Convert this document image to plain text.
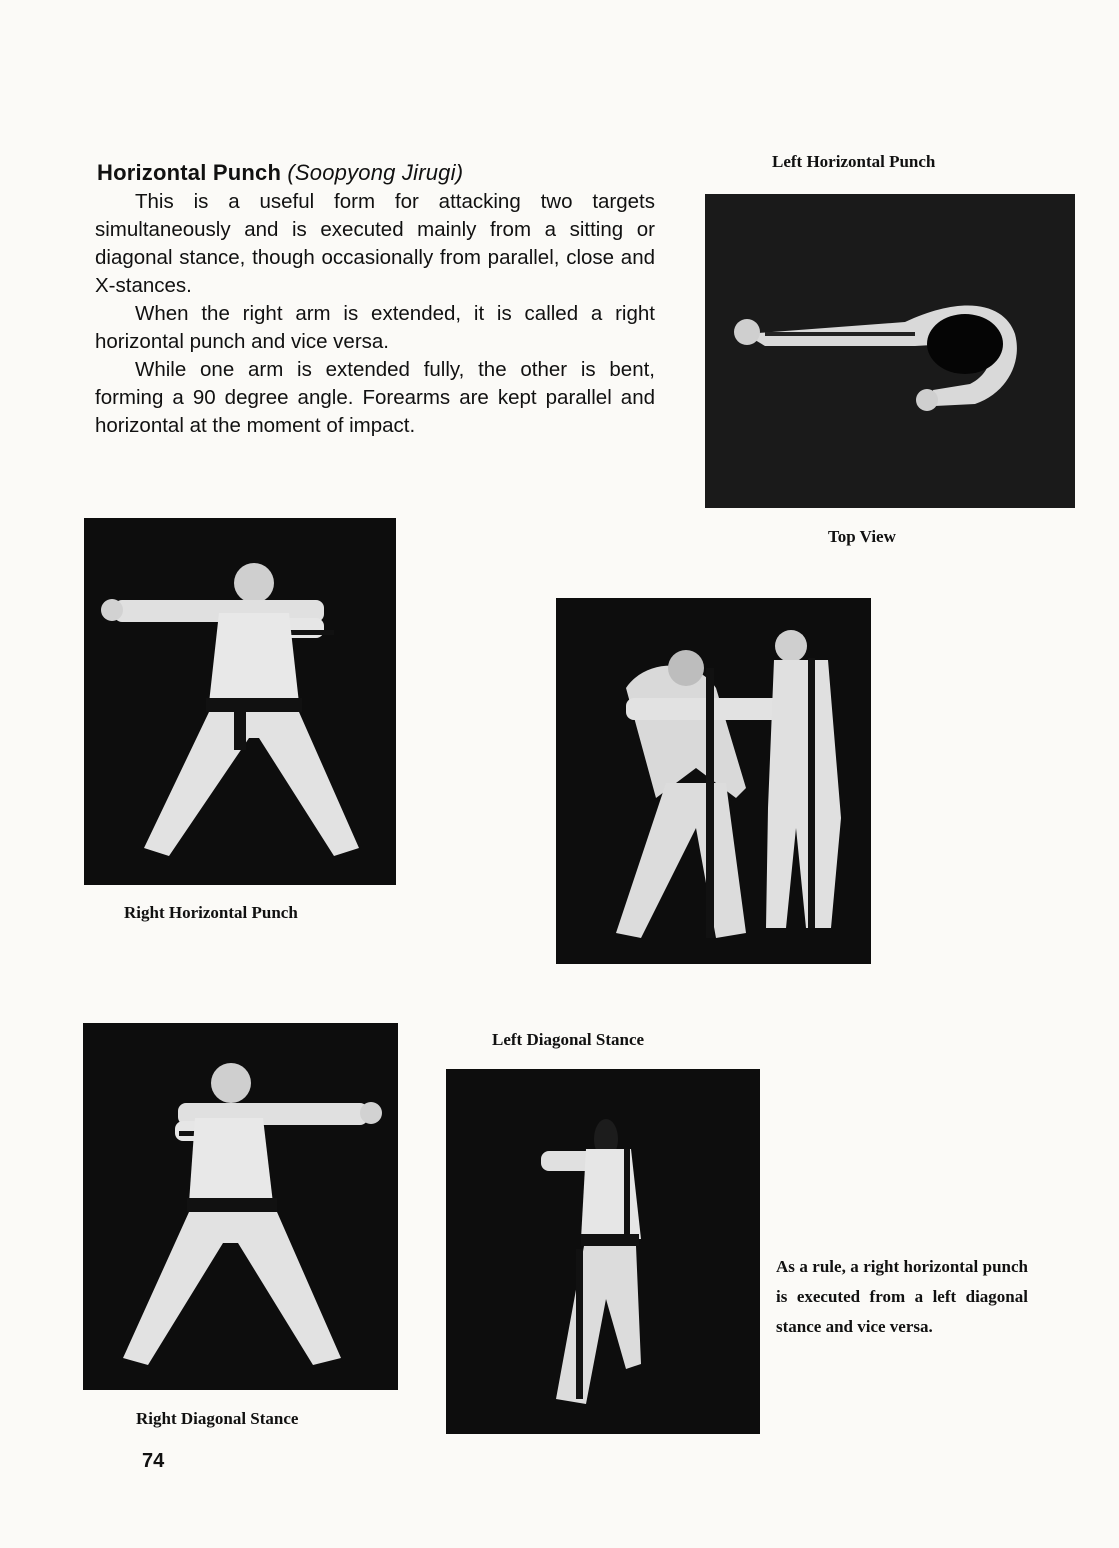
Horizontal Punch (Soopyong Jirugi)

This is a useful form for attacking two targets simultaneously and is executed mainly from a sitting or diagonal stance, though occasionally from parallel, close and X-stances.

When the right arm is extended, it is called a right horizontal punch and vice versa.

While one arm is extended fully, the other is bent, forming a 90 degree angle. Forearms are kept parallel and horizontal at the moment of impact.

Left Horizontal Punch
Top View
Right Horizontal Punch
Right Diagonal Stance
Left Diagonal Stance
As a rule, a right horizontal punch is executed from a left diagonal stance and vice versa.
74
